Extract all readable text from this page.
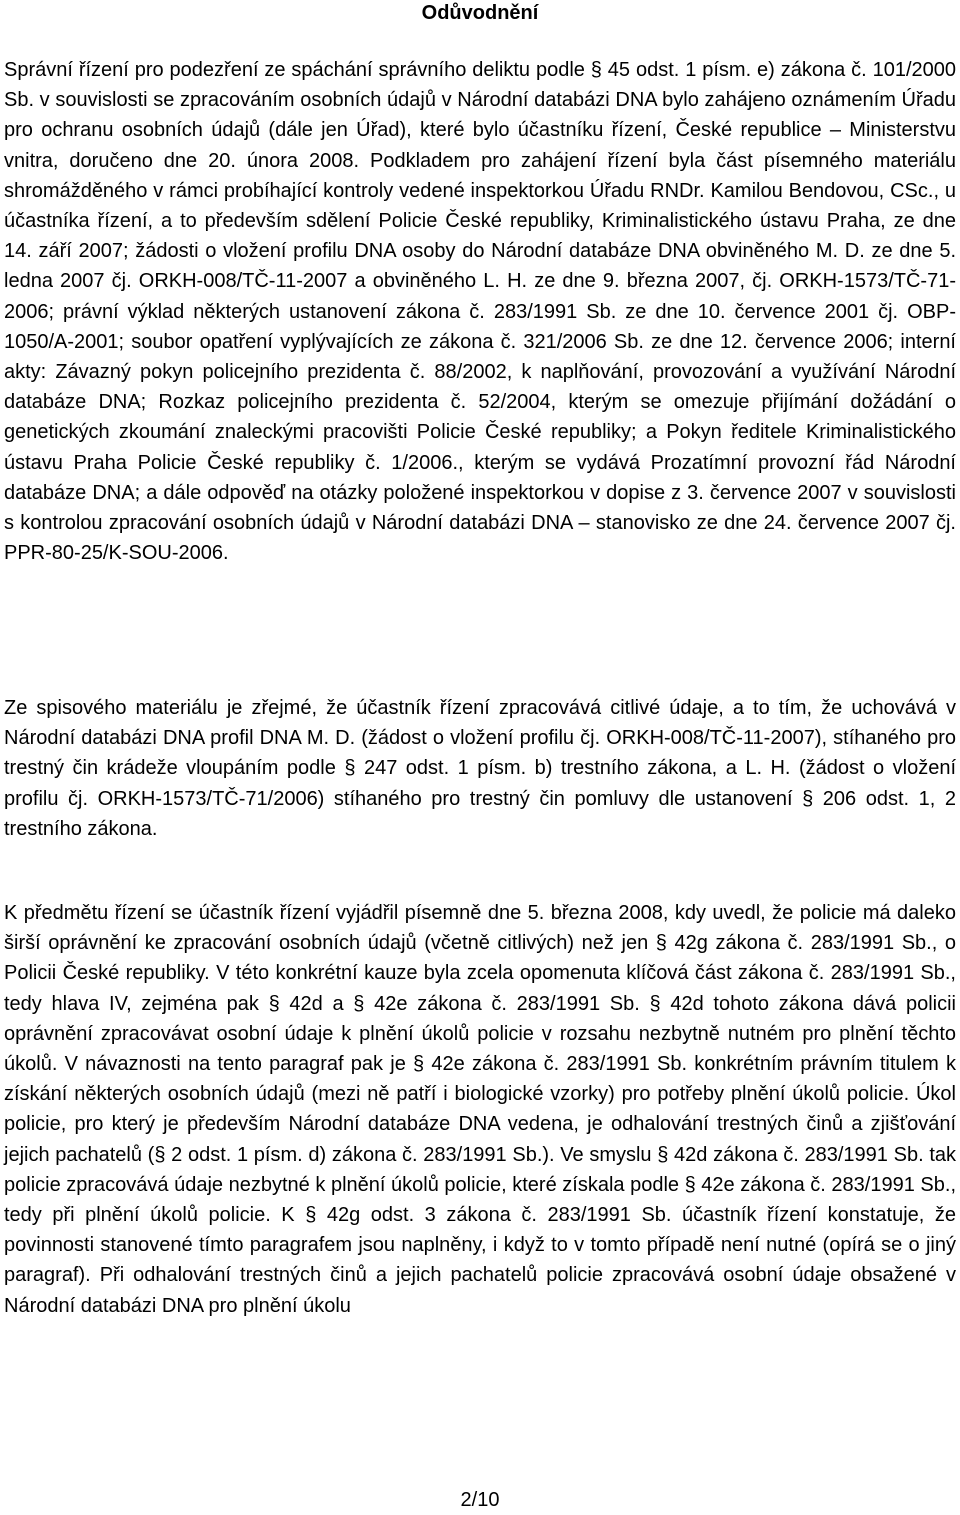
Odůvodnění

Správní řízení pro podezření ze spáchání správního deliktu podle § 45 odst. 1 písm. e) zákona č. 101/2000 Sb. v souvislosti se zpracováním osobních údajů v Národní databázi DNA bylo zahájeno oznámením Úřadu pro ochranu osobních údajů (dále jen Úřad), které bylo účastníku řízení, České republice – Ministerstvu vnitra, doručeno dne 20. února 2008. Podkladem pro zahájení řízení byla část písemného materiálu shromážděného v rámci probíhající kontroly vedené inspektorkou Úřadu RNDr. Kamilou Bendovou, CSc., u účastníka řízení, a to především sdělení Policie České republiky, Kriminalistického ústavu Praha, ze dne 14. září 2007; žádosti o vložení profilu DNA osoby do Národní databáze DNA obviněného M. D. ze dne 5. ledna 2007 čj. ORKH-008/TČ-11-2007 a obviněného L. H. ze dne 9. března 2007, čj. ORKH-1573/TČ-71-2006; právní výklad některých ustanovení zákona č. 283/1991 Sb. ze dne 10. července 2001 čj. OBP-1050/A-2001; soubor opatření vyplývajících ze zákona č. 321/2006 Sb. ze dne 12. července 2006; interní akty: Závazný pokyn policejního prezidenta č. 88/2002, k naplňování, provozování a využívání Národní databáze DNA; Rozkaz policejního prezidenta č. 52/2004, kterým se omezuje přijímání dožádání o genetických zkoumání znaleckými pracovišti Policie České republiky; a Pokyn ředitele Kriminalistického ústavu Praha Policie České republiky č. 1/2006., kterým se vydává Prozatímní provozní řád Národní databáze DNA; a dále odpověď na otázky položené inspektorkou v dopise z 3. července 2007 v souvislosti s kontrolou zpracování osobních údajů v Národní databázi DNA – stanovisko ze dne 24. července 2007 čj. PPR-80-25/K-SOU-2006.

Ze spisového materiálu je zřejmé, že účastník řízení zpracovává citlivé údaje, a to tím, že uchovává v Národní databázi DNA profil DNA M. D. (žádost o vložení profilu čj. ORKH-008/TČ-11-2007), stíhaného pro trestný čin krádeže vloupáním podle § 247 odst. 1 písm. b) trestního zákona, a L. H. (žádost o vložení profilu čj. ORKH-1573/TČ-71/2006) stíhaného pro trestný čin pomluvy dle ustanovení § 206 odst. 1, 2 trestního zákona.

K předmětu řízení se účastník řízení vyjádřil písemně dne 5. března 2008, kdy uvedl, že policie má daleko širší oprávnění ke zpracování osobních údajů (včetně citlivých) než jen § 42g zákona č. 283/1991 Sb., o Policii České republiky. V této konkrétní kauze byla zcela opomenuta klíčová část zákona č. 283/1991 Sb., tedy hlava IV, zejména pak § 42d a § 42e zákona č. 283/1991 Sb. § 42d tohoto zákona dává policii oprávnění zpracovávat osobní údaje k plnění úkolů policie v rozsahu nezbytně nutném pro plnění těchto úkolů. V návaznosti na tento paragraf pak je § 42e zákona č. 283/1991 Sb. konkrétním právním titulem k získání některých osobních údajů (mezi ně patří i biologické vzorky) pro potřeby plnění úkolů policie. Úkol policie, pro který je především Národní databáze DNA vedena, je odhalování trestných činů a zjišťování jejich pachatelů (§ 2 odst. 1 písm. d) zákona č. 283/1991 Sb.). Ve smyslu § 42d zákona č. 283/1991 Sb. tak policie zpracovává údaje nezbytné k plnění úkolů policie, které získala podle § 42e zákona č. 283/1991 Sb., tedy při plnění úkolů policie. K § 42g odst. 3 zákona č. 283/1991 Sb. účastník řízení konstatuje, že povinnosti stanovené tímto paragrafem jsou naplněny, i když to v tomto případě není nutné (opírá se o jiný paragraf). Při odhalování trestných činů a jejich pachatelů policie zpracovává osobní údaje obsažené v Národní databázi DNA pro plnění úkolu

2/10
